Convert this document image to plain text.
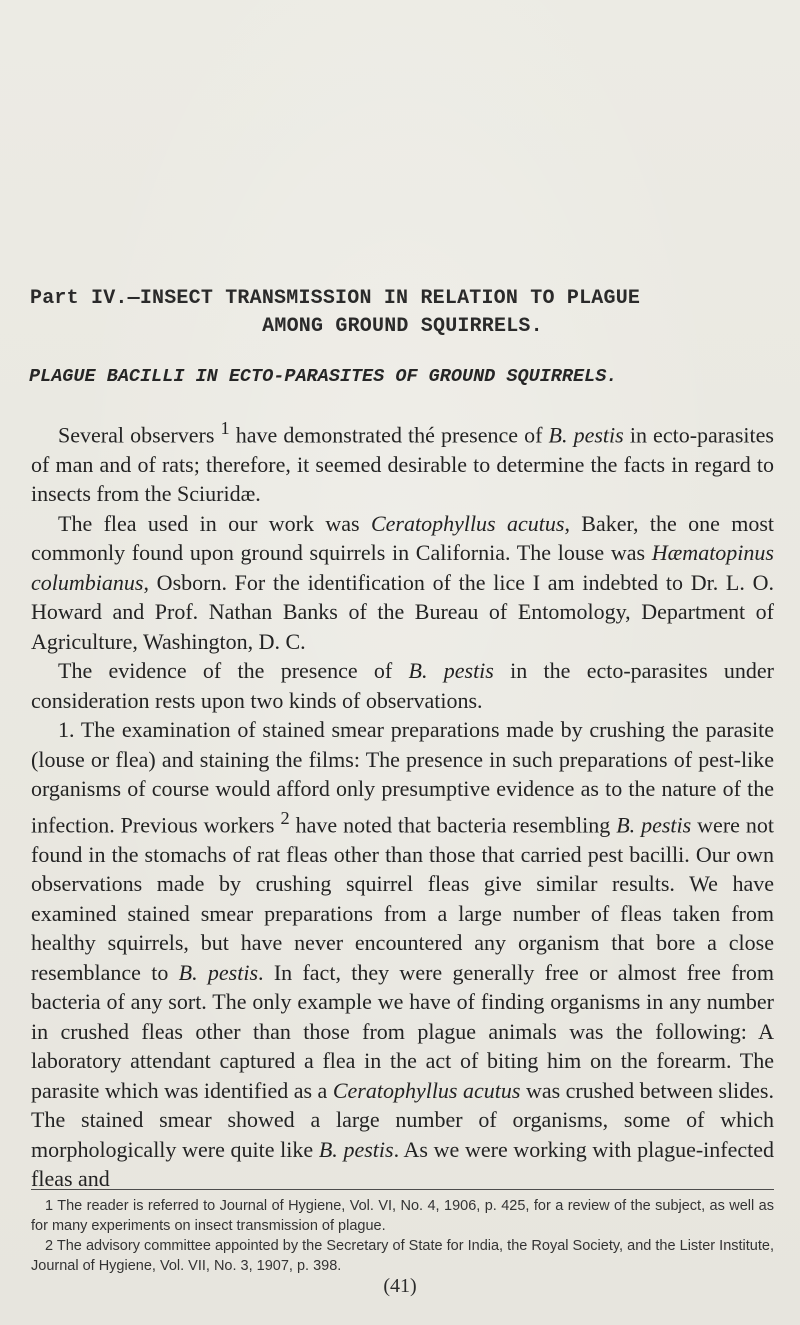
Part IV.—INSECT TRANSMISSION IN RELATION TO PLAGUE
AMONG GROUND SQUIRRELS.
PLAGUE BACILLI IN ECTO-PARASITES OF GROUND SQUIRRELS.

Several observers $^1$ have demonstrated thé presence of B. pestis in ecto-parasites of man and of rats; therefore, it seemed desirable to determine the facts in regard to insects from the Sciuridæ.

The flea used in our work was Ceratophyllus acutus, Baker, the one most commonly found upon ground squirrels in California. The louse was Hæmatopinus columbianus, Osborn. For the identification of the lice I am indebted to Dr. L. O. Howard and Prof. Nathan Banks of the Bureau of Entomology, Department of Agriculture, Washington, D. C.

The evidence of the presence of B. pestis in the ecto-parasites under consideration rests upon two kinds of observations.

1. The examination of stained smear preparations made by crushing the parasite (louse or flea) and staining the films: The presence in such preparations of pest-like organisms of course would afford only presumptive evidence as to the nature of the infection. Previous workers $^2$ have noted that bacteria resembling B. pestis were not found in the stomachs of rat fleas other than those that carried pest bacilli. Our own observations made by crushing squirrel fleas give similar results. We have examined stained smear preparations from a large number of fleas taken from healthy squirrels, but have never encountered any organism that bore a close resemblance to B. pestis. In fact, they were generally free or almost free from bacteria of any sort. The only example we have of finding organisms in any number in crushed fleas other than those from plague animals was the following: A laboratory attendant captured a flea in the act of biting him on the forearm. The parasite which was identified as a Ceratophyllus acutus was crushed between slides. The stained smear showed a large number of organisms, some of which morphologically were quite like B. pestis. As we were working with plague-infected fleas and

1 The reader is referred to Journal of Hygiene, Vol. VI, No. 4, 1906, p. 425, for a review of the subject, as well as for many experiments on insect transmission of plague.

2 The advisory committee appointed by the Secretary of State for India, the Royal Society, and the Lister Institute, Journal of Hygiene, Vol. VII, No. 3, 1907, p. 398.

(41)
